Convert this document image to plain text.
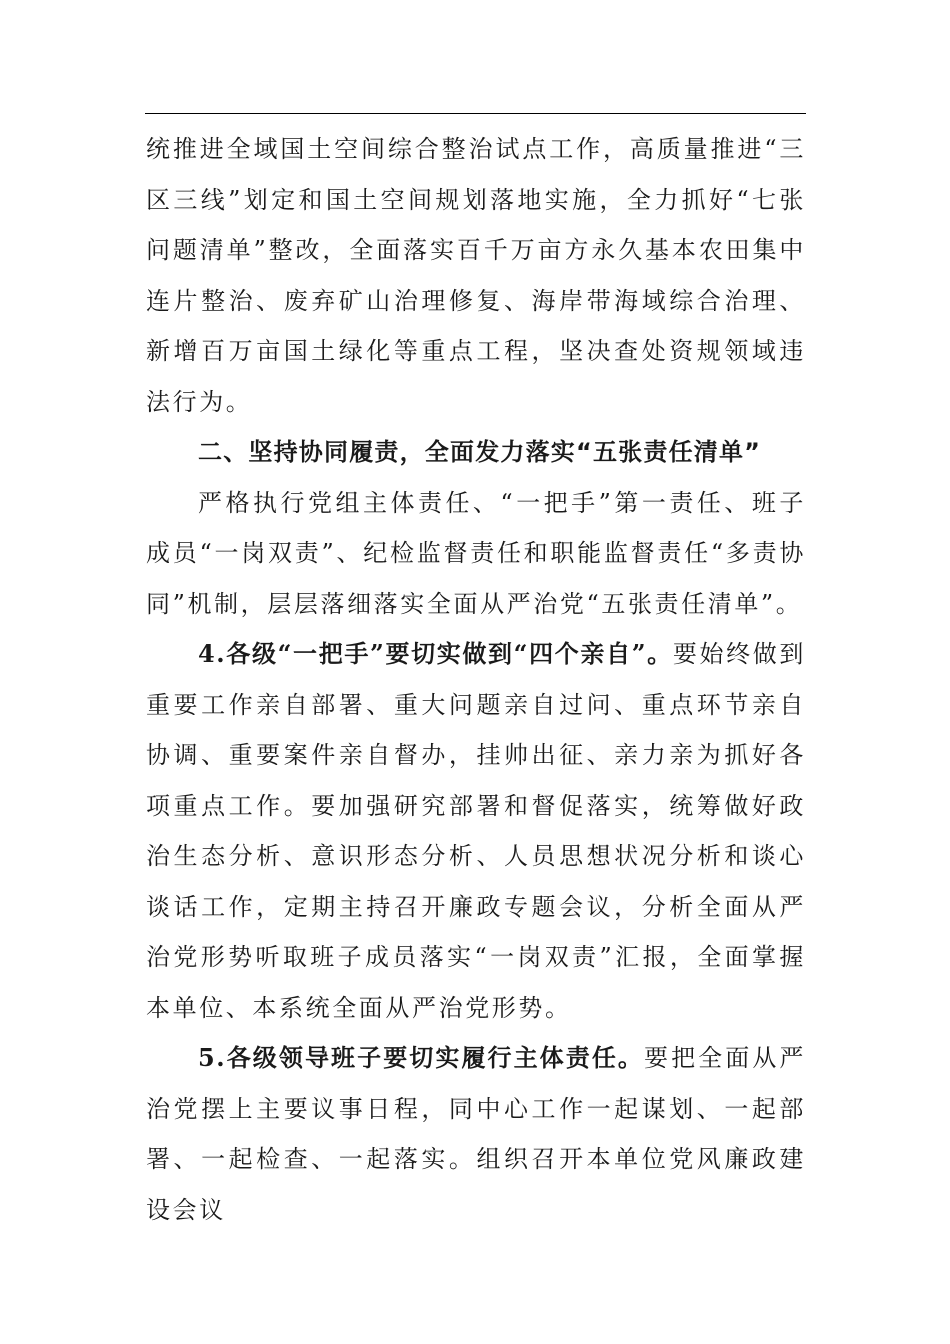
统推进全域国土空间综合整治试点工作，高质量推进“三区三线”划定和国土空间规划落地实施，全力抓好“七张问题清单”整改，全面落实百千万亩方永久基本农田集中连片整治、废弃矿山治理修复、海岸带海域综合治理、新增百万亩国土绿化等重点工程，坚决查处资规领域违法行为。

二、坚持协同履责，全面发力落实“五张责任清单”

严格执行党组主体责任、“一把手”第一责任、班子成员“一岗双责”、纪检监督责任和职能监督责任“多责协同”机制，层层落细落实全面从严治党“五张责任清单”。

4.各级“一把手”要切实做到“四个亲自”。要始终做到重要工作亲自部署、重大问题亲自过问、重点环节亲自协调、重要案件亲自督办，挂帅出征、亲力亲为抓好各项重点工作。要加强研究部署和督促落实，统筹做好政治生态分析、意识形态分析、人员思想状况分析和谈心谈话工作，定期主持召开廉政专题会议，分析全面从严治党形势听取班子成员落实“一岗双责”汇报，全面掌握本单位、本系统全面从严治党形势。

5.各级领导班子要切实履行主体责任。要把全面从严治党摆上主要议事日程，同中心工作一起谋划、一起部署、一起检查、一起落实。组织召开本单位党风廉政建设会议
